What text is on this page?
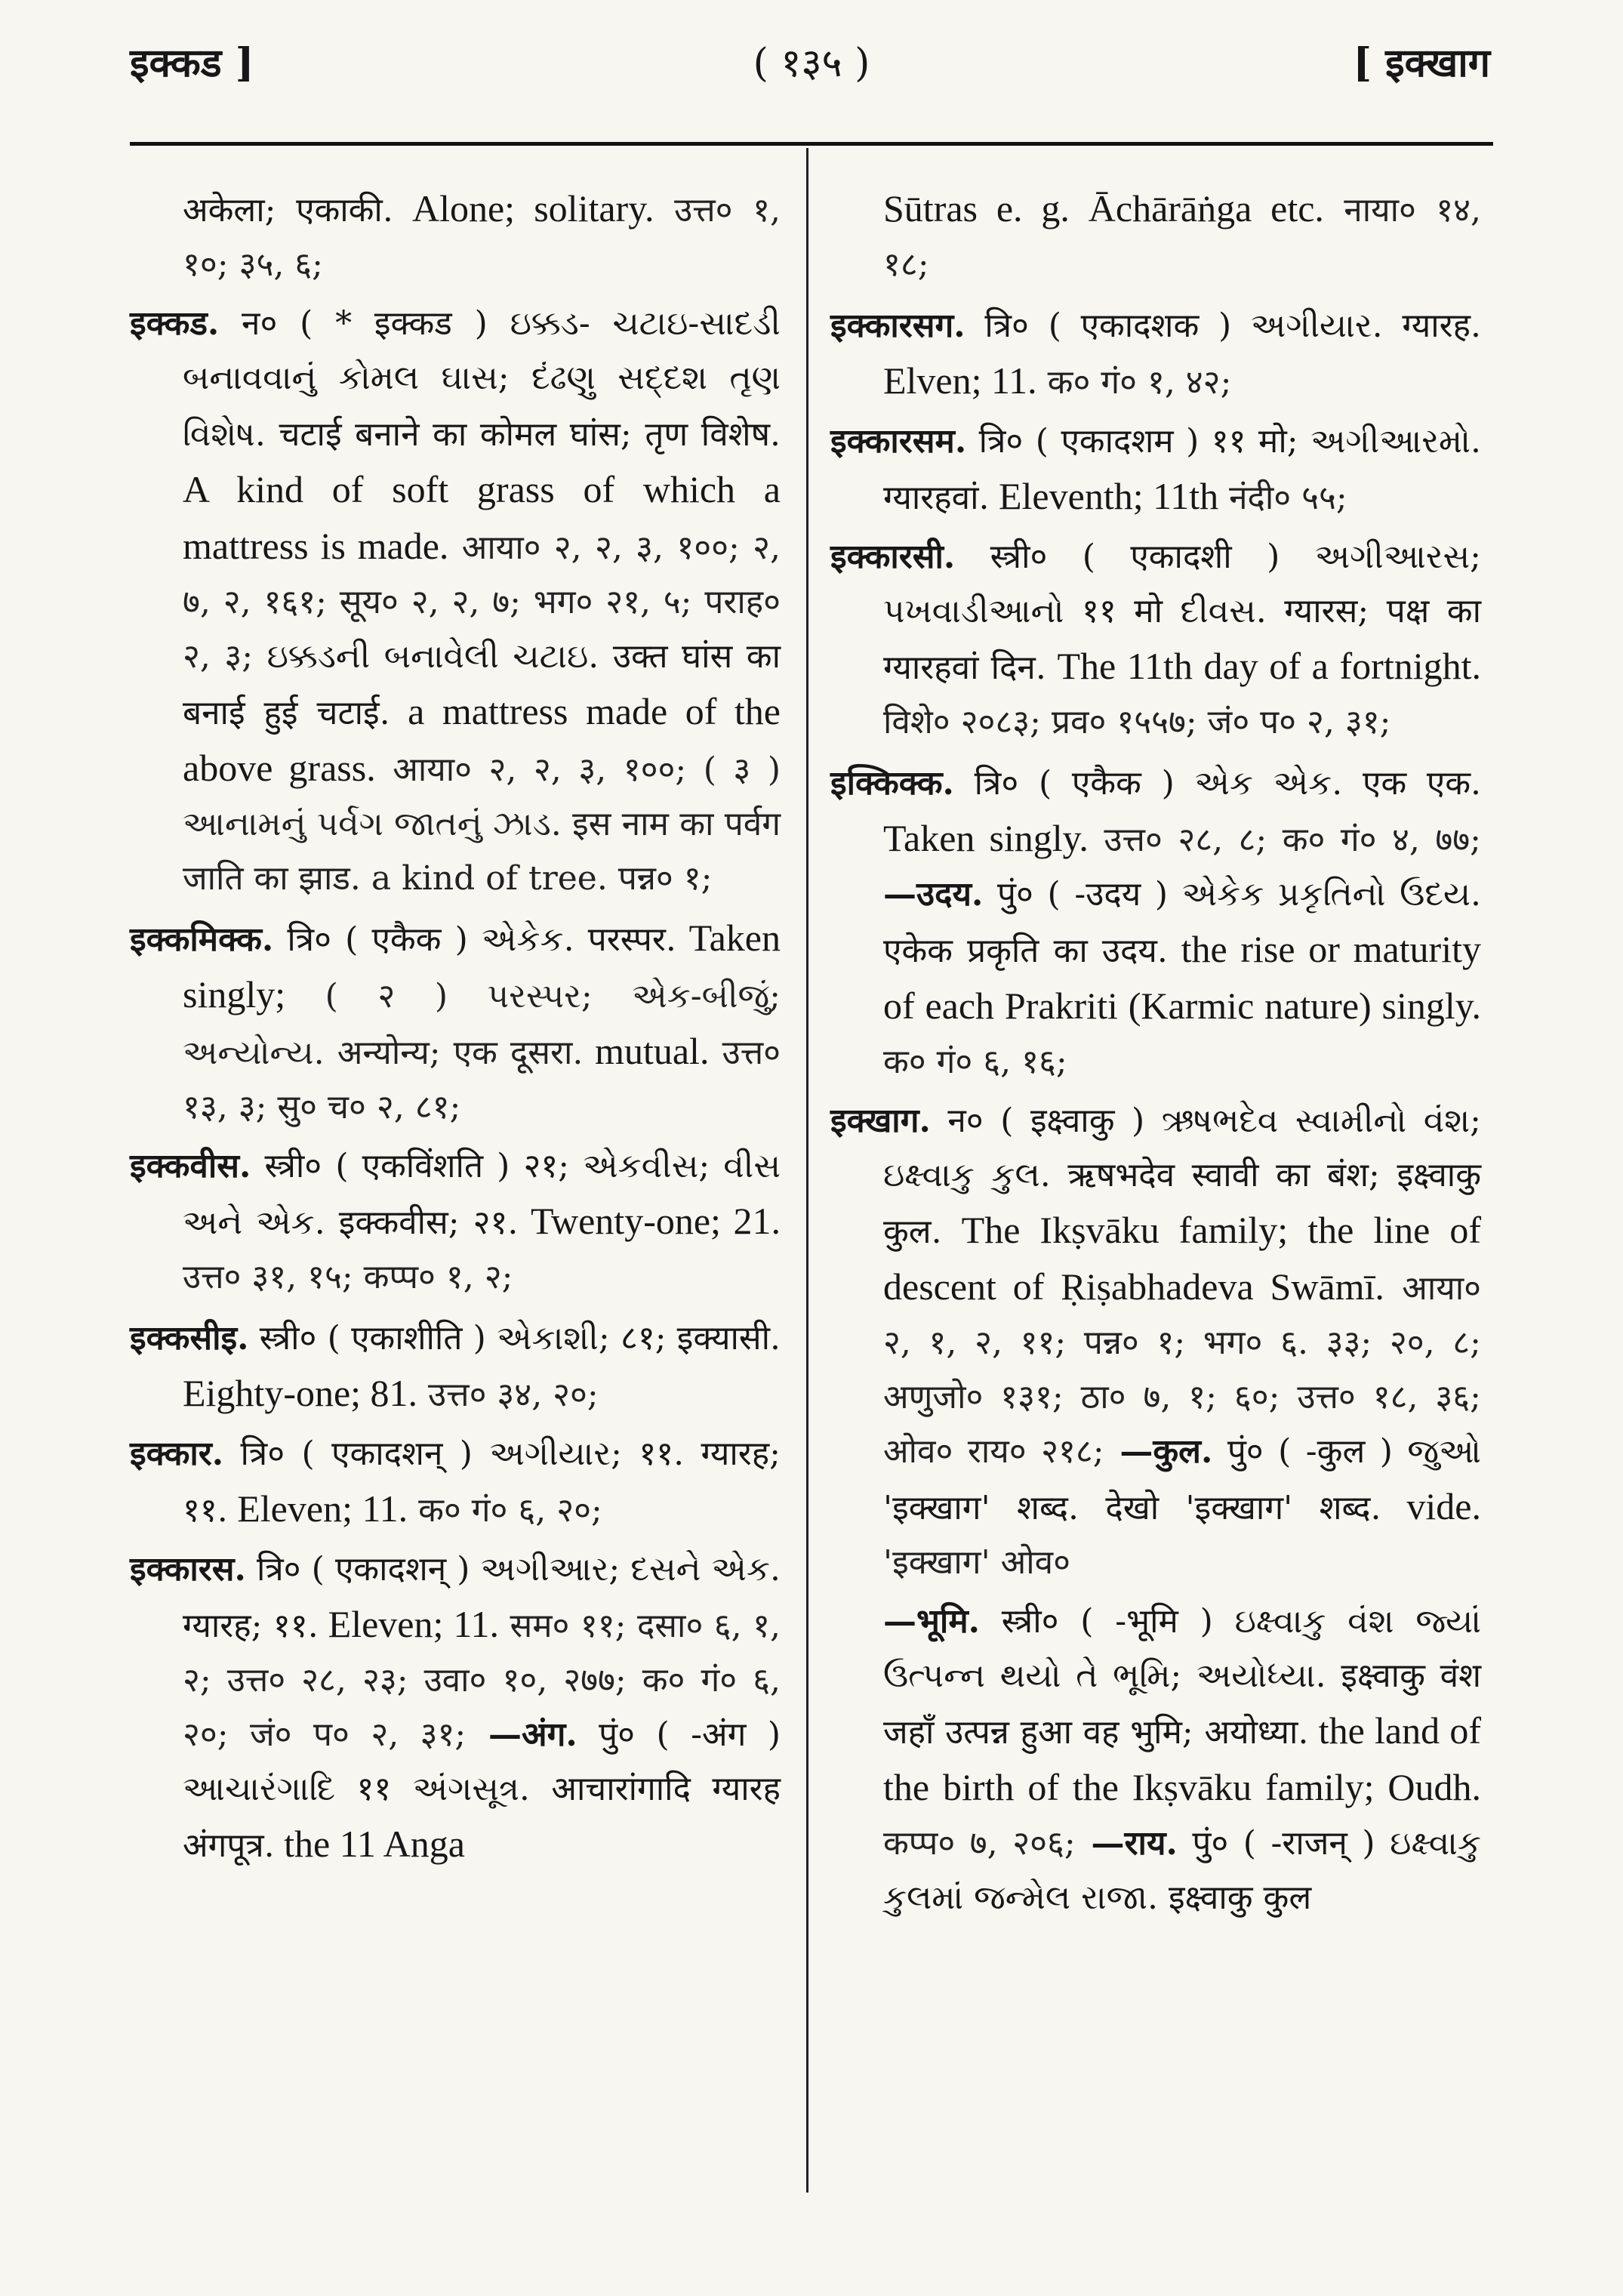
इक्कड ]	( १३५ )	[ इक्खाग

अकेला; एकाकी. Alone; solitary. उत्त० १, १०; ३५, ६;

इक्कड. न० ( * इक्कड ) ઇક્કડ- ચટાઇ-સાદડી બનાવવાનું કોમલ ઘાસ; દંઢણુ સદ્દશ તૃણ વિશેષ. चटाई बनाने का कोमल घांस; तृण विशेष. A kind of soft grass of which a mattress is made. आया० २, २, ३, १००; २, ७, २, १६१; सूय० २, २, ७; भग० २१, ५; पराह० २, ३; ઇક્કડની બનાવેલી ચટાઇ. उक्त घांस का बनाई हुई चटाई. a mattress made of the above grass. आया० २, २, ३, १००; ( ३ ) આનામનું પર્વગ જાતનું ઝાડ. इस नाम का पर्वग जाति का झाड. a kind of tree. पन्न० १;

इक्कमिक्क. त्रि० ( एकैक ) એકેક. परस्पर. Taken singly; ( २ ) પરસ્પર; એક-બીજું; અન્યોન્ય. अन्योन्य; एक दूसरा. mutual. उत्त० १३, ३; सु० च० २, ८१;

इक्कवीस. स्त्री० ( एकविंशति ) २१; એકવીસ; વીસ અને એક. इक्कवीस; २१. Twenty-one; 21. उत्त० ३१, १५; कप्प० १, २;

इक्कसीइ. स्त्री० ( एकाशीति ) એકાશી; ८१; इक्यासी. Eighty-one; 81. उत्त० ३४, २०;

इक्कार. त्रि० ( एकादशन् ) અગીયાર; ११. ग्यारह; ११. Eleven; 11. क० गं० ६, २०;

इक्कारस. त्रि० ( एकादशन् ) અગીઆર; દસને એક. ग्यारह; ११. Eleven; 11. सम० ११; दसा० ६, १, २; उत्त० २८, २३; उवा० १०, २७७; क० गं० ६, २०; जं० प० २, ३१; —अंग. पुं० ( -अंग ) આચારંગાદિ ११ અંગસૂત્ર. आचारांगादि ग्यारह अंगपूत्र. the 11 Anga

Sūtras e. g. Āchārāṅga etc. नाया० १४, १८;

इक्कारसग. त्रि० ( एकादशक ) અગીયાર. ग्यारह. Elven; 11. क० गं० १, ४२;

इक्कारसम. त्रि० ( एकादशम ) ११ मो; અગીઆરમો. ग्यारहवां. Eleventh; 11th नंदी० ५५;

इक्कारसी. स्त्री० ( एकादशी ) અગીઆરસ; પખવાડીઆનો ११ मो દીવસ. ग्यारस; पक्ष का ग्यारहवां दिन. The 11th day of a fortnight. विशे० २०८३; प्रव० १५५७; जं० प० २, ३१;

इक्किक्क. त्रि० ( एकैक ) એક એક. एक एक. Taken singly. उत्त० २८, ८; क० गं० ४, ७७; —उदय. पुं० ( -उदय ) એકેક પ્રકૃતિનો ઉદય. एकेक प्रकृति का उदय. the rise or maturity of each Prakriti (Karmic nature) singly. क० गं० ६, १६;

इक्खाग. न० ( इक्ष्वाकु ) ઋષભદેવ સ્વામીનો વંશ; ઇક્ષ્વાકુ કુલ. ऋषभदेव स्वावी का बंश; इक्ष्वाकु कुल. The Ikṣvāku family; the line of descent of Ṛiṣabhadeva Swāmī. आया० २, १, २, ११; पन्न० १; भग० ६. ३३; २०, ८; अणुजो० १३१; ठा० ७, १; ६०; उत्त० १८, ३६; ओव० राय० २१८; —कुल. पुं० ( -कुल ) જુઓ 'इक्खाग' शब्द. देखो 'इक्खाग' शब्द. vide. 'इक्खाग' ओव०

—भूमि. स्त्री० ( -भूमि ) ઇક્ષ્વાકુ વંશ જ્યાં ઉત્પન્ન થયો તે ભૂમિ; અયોધ્યા. इक्ष्वाकु वंश जहाँ उत्पन्न हुआ वह भुमि; अयोध्या. the land of the birth of the Ikṣvāku family; Oudh. कप्प० ७, २०६; —राय. पुं० ( -राजन् ) ઇક્ષ્વાકુ કુલમાં જન્મેલ રાજા. इक्ष्वाकु कुल
